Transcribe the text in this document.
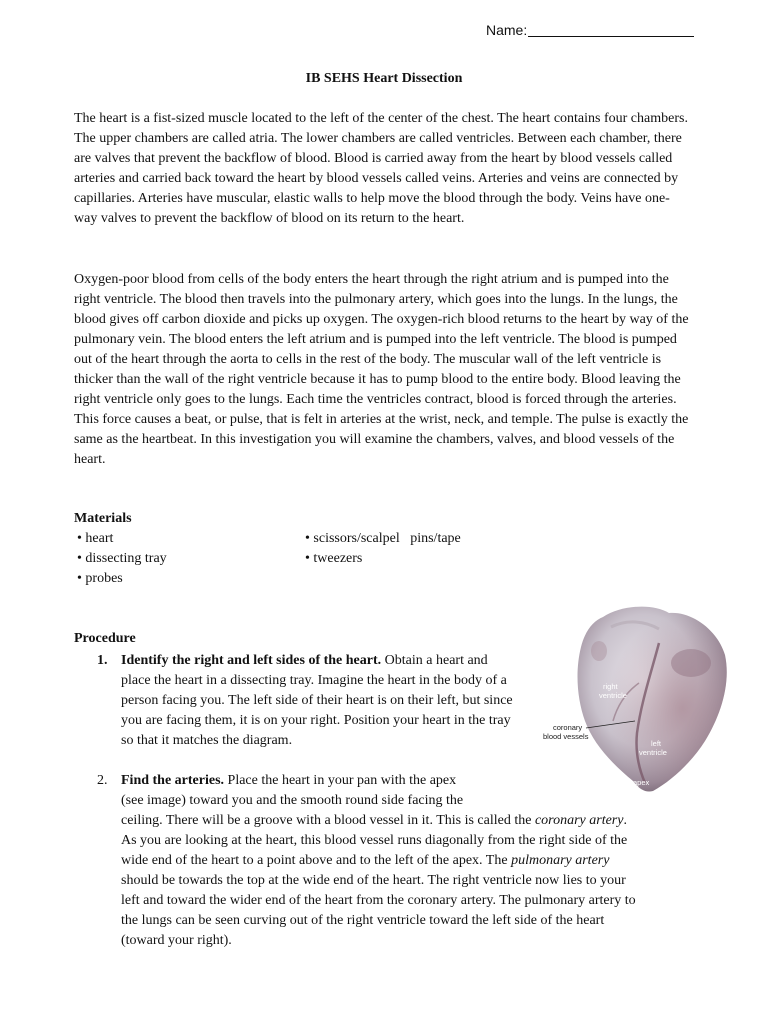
Name:
IB SEHS Heart Dissection

The heart is a fist-sized muscle located to the left of the center of the chest. The heart contains four chambers. The upper chambers are called atria. The lower chambers are called ventricles. Between each chamber, there are valves that prevent the backflow of blood. Blood is carried away from the heart by blood vessels called arteries and carried back toward the heart by blood vessels called veins. Arteries and veins are connected by capillaries. Arteries have muscular, elastic walls to help move the blood through the body. Veins have one-way valves to prevent the backflow of blood on its return to the heart.

Oxygen-poor blood from cells of the body enters the heart through the right atrium and is pumped into the right ventricle. The blood then travels into the pulmonary artery, which goes into the lungs. In the lungs, the blood gives off carbon dioxide and picks up oxygen. The oxygen-rich blood returns to the heart by way of the pulmonary vein. The blood enters the left atrium and is pumped into the left ventricle. The blood is pumped out of the heart through the aorta to cells in the rest of the body. The muscular wall of the left ventricle is thicker than the wall of the right ventricle because it has to pump blood to the entire body. Blood leaving the right ventricle only goes to the lungs. Each time the ventricles contract, blood is forced through the arteries. This force causes a beat, or pulse, that is felt in arteries at the wrist, neck, and temple. The pulse is exactly the same as the heartbeat. In this investigation you will examine the chambers, valves, and blood vessels of the heart.

Materials
• heart
• dissecting tray
• probes
• scissors/scalpel   pins/tape
• tweezers
Procedure
1. Identify the right and left sides of the heart. Obtain a heart and place the heart in a dissecting tray. Imagine the heart in the body of a person facing you. The left side of their heart is on their left, but since you are facing them, it is on your right. Position your heart in the tray so that it matches the diagram.
2. Find the arteries. Place the heart in your pan with the apex
(see image) toward you and the smooth round side facing the
ceiling. There will be a groove with a blood vessel in it. This is called the coronary artery.
As you are looking at the heart, this blood vessel runs diagonally from the right side of the
wide end of the heart to a point above and to the left of the apex. The pulmonary artery
should be towards the top at the wide end of the heart. The right ventricle now lies to your
left and toward the wider end of the heart from the coronary artery. The pulmonary artery to
the lungs can be seen curving out of the right ventricle toward the left side of the heart
(toward your right).
right
ventricle
left
ventricle
apex
coronary
blood vessels
